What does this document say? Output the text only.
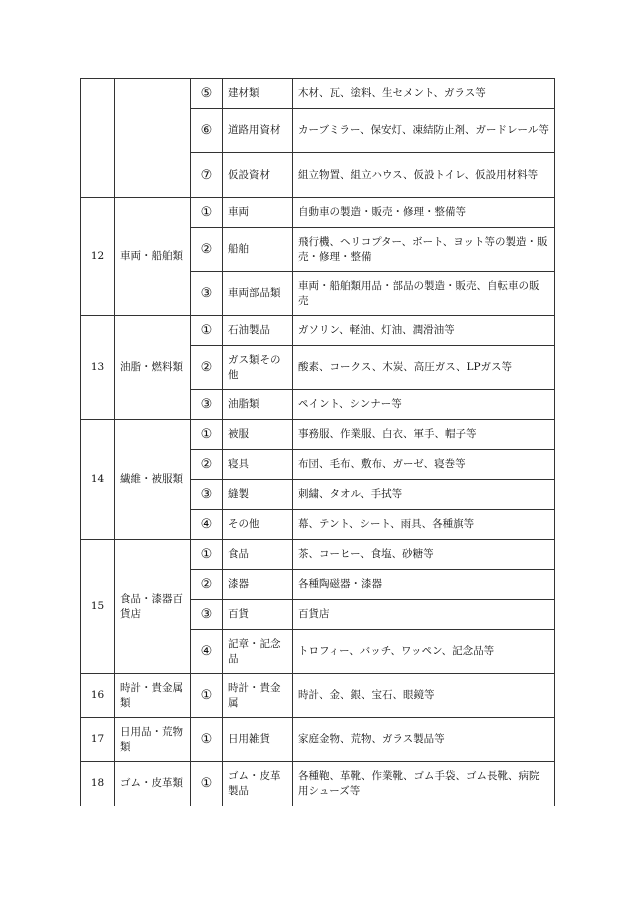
		⑤	建材類	木材、瓦、塗料、生セメント、ガラス等
		⑥	道路用資材	カーブミラー、保安灯、凍結防止剤、ガードレール等
		⑦	仮設資材	組立物置、組立ハウス、仮設トイレ、仮設用材料等
12	車両・船舶類	①	車両	自動車の製造・販売・修理・整備等
		②	船舶	飛行機、ヘリコプター、ボート、ヨット等の製造・販売・修理・整備
		③	車両部品類	車両・船舶類用品・部品の製造・販売、自転車の販売
13	油脂・燃料類	①	石油製品	ガソリン、軽油、灯油、潤滑油等
		②	ガス類その他	酸素、コークス、木炭、高圧ガス、LPガス等
		③	油脂類	ペイント、シンナー等
14	繊維・被服類	①	被服	事務服、作業服、白衣、軍手、帽子等
		②	寝具	布団、毛布、敷布、ガーゼ、寝巻等
		③	縫製	刺繍、タオル、手拭等
		④	その他	幕、テント、シート、雨具、各種旗等
15	食品・漆器百貨店	①	食品	茶、コーヒー、食塩、砂糖等
		②	漆器	各種陶磁器・漆器
		③	百貨	百貨店
		④	記章・記念品	トロフィー、バッチ、ワッペン、記念品等
16	時計・貴金属類	①	時計・貴金属	時計、金、銀、宝石、眼鏡等
17	日用品・荒物類	①	日用雑貨	家庭金物、荒物、ガラス製品等
18	ゴム・皮革類	①	ゴム・皮革製品	各種鞄、革靴、作業靴、ゴム手袋、ゴム長靴、病院用シューズ等
